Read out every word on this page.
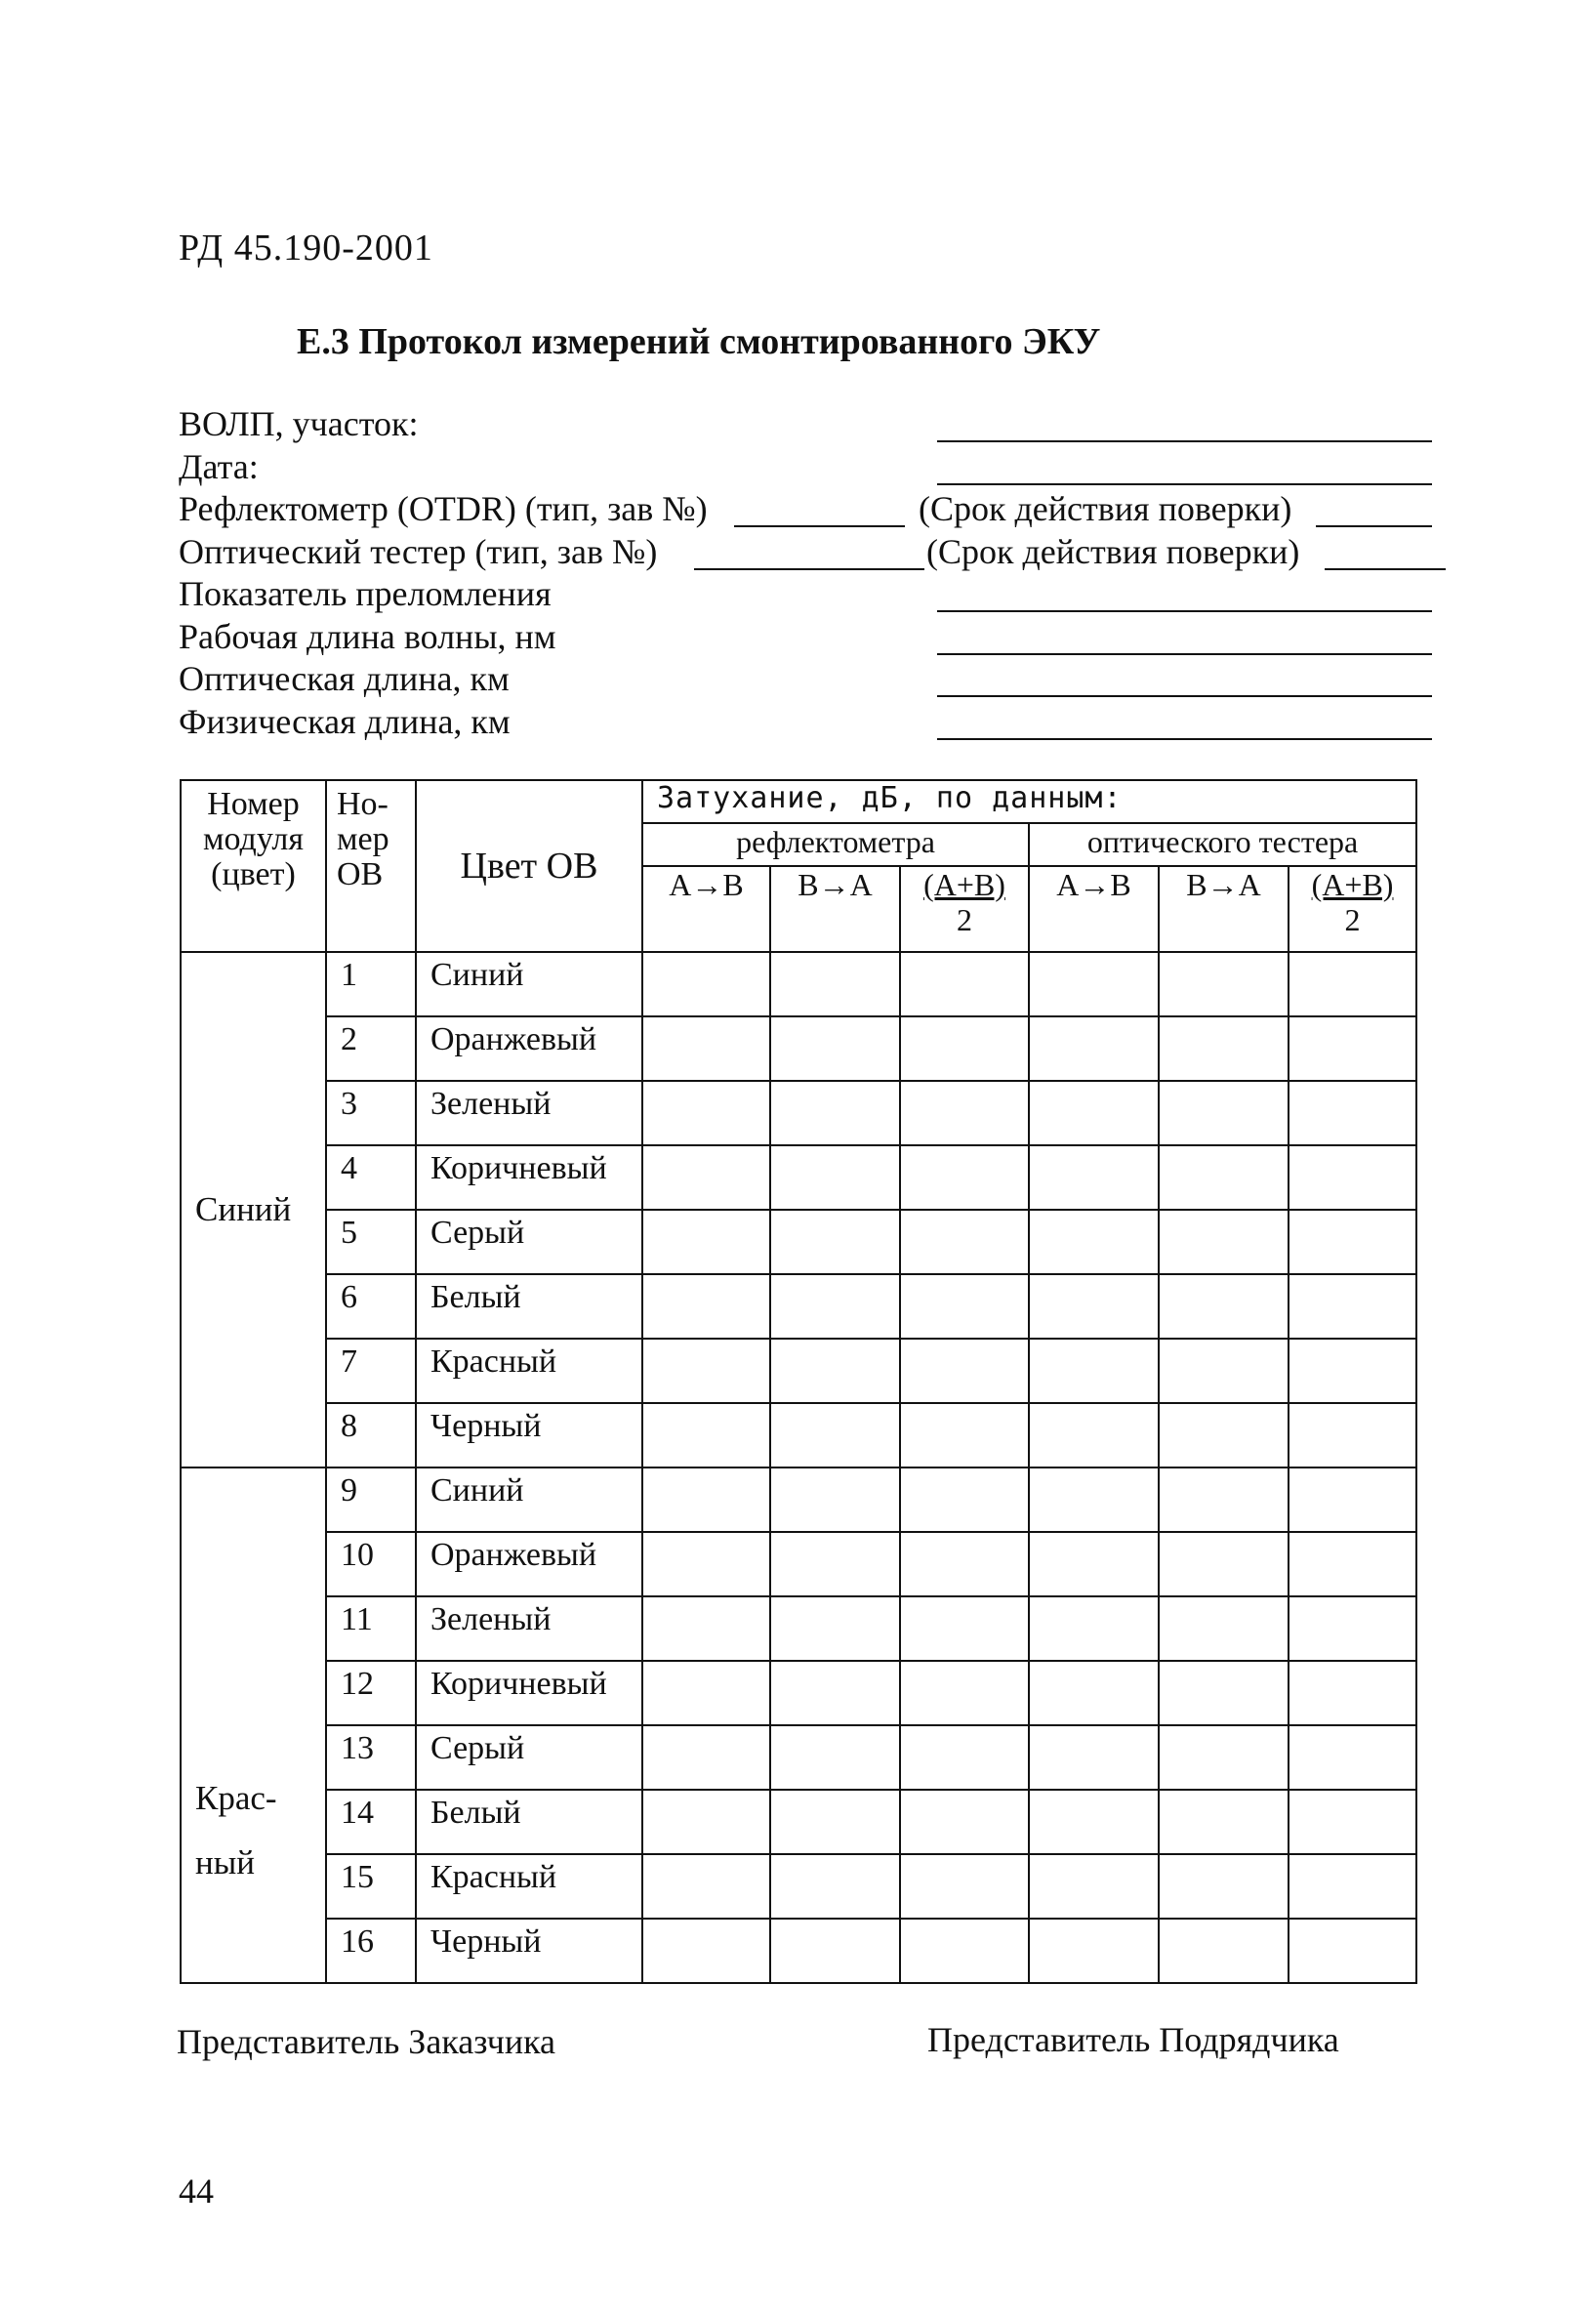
РД 45.190-2001
Е.3 Протокол измерений смонтированного ЭКУ
ВОЛП, участок:
Дата:
Рефлектометр (OTDR) (тип, зав №)	(Срок действия поверки)
Оптический тестер (тип, зав №)	(Срок действия поверки)
Показатель преломления
Рабочая длина волны, нм
Оптическая длина, км
Физическая длина, км
Номер модуля (цвет)	Но-мер ОВ	Цвет ОВ	Затухание, дБ, по данным:					
			рефлектометра			оптического тестера		
			A→B	B→A	$\frac{(A+B)}{2}$	A→B	B→A	$\frac{(A+B)}{2}$
Синий	1	Синий						
	2	Оранжевый						
	3	Зеленый						
	4	Коричневый						
	5	Серый						
	6	Белый						
	7	Красный						
	8	Черный						
Крас-ный	9	Синий						
	10	Оранжевый						
	11	Зеленый						
	12	Коричневый						
	13	Серый						
	14	Белый						
	15	Красный						
	16	Черный						
Представитель Заказчика	Представитель Подрядчика
44
